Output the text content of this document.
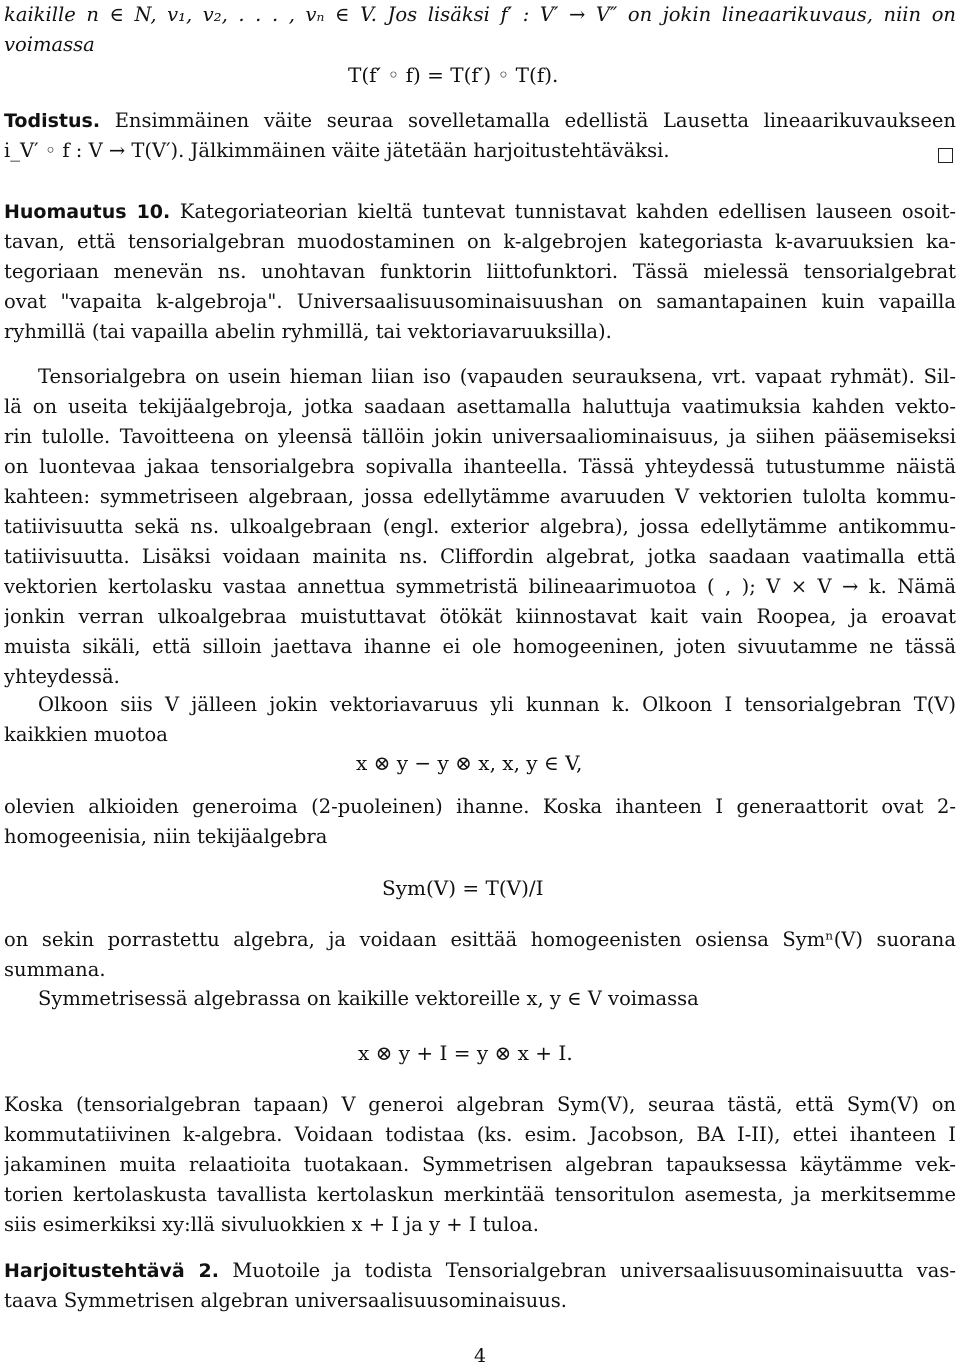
kaikille n ∈ N, v₁, v₂, . . . , vₙ ∈ V. Jos lisäksi f′ : V′ → V″ on jokin lineaarikuvaus, niin on
voimassa
T(f′ ◦ f) = T(f′) ◦ T(f).
Todistus. Ensimmäinen väite seuraa sovelletamalla edellistä Lausetta lineaarikuvaukseen
i_V′ ◦ f : V → T(V′). Jälkimmäinen väite jätetään harjoitustehtäväksi.
Huomautus 10. Kategoriateorian kieltä tuntevat tunnistavat kahden edellisen lauseen osoit-
tavan, että tensorialgebran muodostaminen on k-algebrojen kategoriasta k-avaruuksien ka-
tegoriaan menevän ns. unohtavan funktorin liittofunktori. Tässä mielessä tensorialgebrat
ovat "vapaita k-algebroja". Universaalisuusominaisuushan on samantapainen kuin vapailla
ryhmillä (tai vapailla abelin ryhmillä, tai vektoriavaruuksilla).
Tensorialgebra on usein hieman liian iso (vapauden seurauksena, vrt. vapaat ryhmät). Sil-
lä on useita tekijäalgebroja, jotka saadaan asettamalla haluttuja vaatimuksia kahden vekto-
rin tulolle. Tavoitteena on yleensä tällöin jokin universaaliominaisuus, ja siihen pääsemiseksi
on luontevaa jakaa tensorialgebra sopivalla ihanteella. Tässä yhteydessä tutustumme näistä
kahteen: symmetriseen algebraan, jossa edellytämme avaruuden V vektorien tulolta kommu-
tatiivisuutta sekä ns. ulkoalgebraan (engl. exterior algebra), jossa edellytämme antikommu-
tatiivisuutta. Lisäksi voidaan mainita ns. Cliffordin algebrat, jotka saadaan vaatimalla että
vektorien kertolasku vastaa annettua symmetristä bilineaarimuotoa ( , ); V × V → k. Nämä
jonkin verran ulkoalgebraa muistuttavat ötökät kiinnostavat kait vain Roopea, ja eroavat
muista sikäli, että silloin jaettava ihanne ei ole homogeeninen, joten sivuutamme ne tässä
yhteydessä.
Olkoon siis V jälleen jokin vektoriavaruus yli kunnan k. Olkoon I tensorialgebran T(V)
kaikkien muotoa
x ⊗ y − y ⊗ x, x, y ∈ V,
olevien alkioiden generoima (2-puoleinen) ihanne. Koska ihanteen I generaattorit ovat 2-
homogeenisia, niin tekijäalgebra
Sym(V) = T(V)/I
on sekin porrastettu algebra, ja voidaan esittää homogeenisten osiensa Symⁿ(V) suorana
summana.
Symmetrisessä algebrassa on kaikille vektoreille x, y ∈ V voimassa
x ⊗ y + I = y ⊗ x + I.
Koska (tensorialgebran tapaan) V generoi algebran Sym(V), seuraa tästä, että Sym(V) on
kommutatiivinen k-algebra. Voidaan todistaa (ks. esim. Jacobson, BA I-II), ettei ihanteen I
jakaminen muita relaatioita tuotakaan. Symmetrisen algebran tapauksessa käytämme vek-
torien kertolaskusta tavallista kertolaskun merkintää tensoritulon asemesta, ja merkitsemme
siis esimerkiksi xy:llä sivuluokkien x + I ja y + I tuloa.
Harjoitustehtävä 2. Muotoile ja todista Tensorialgebran universaalisuusominaisuutta vas-
taava Symmetrisen algebran universaalisuusominaisuus.
4
